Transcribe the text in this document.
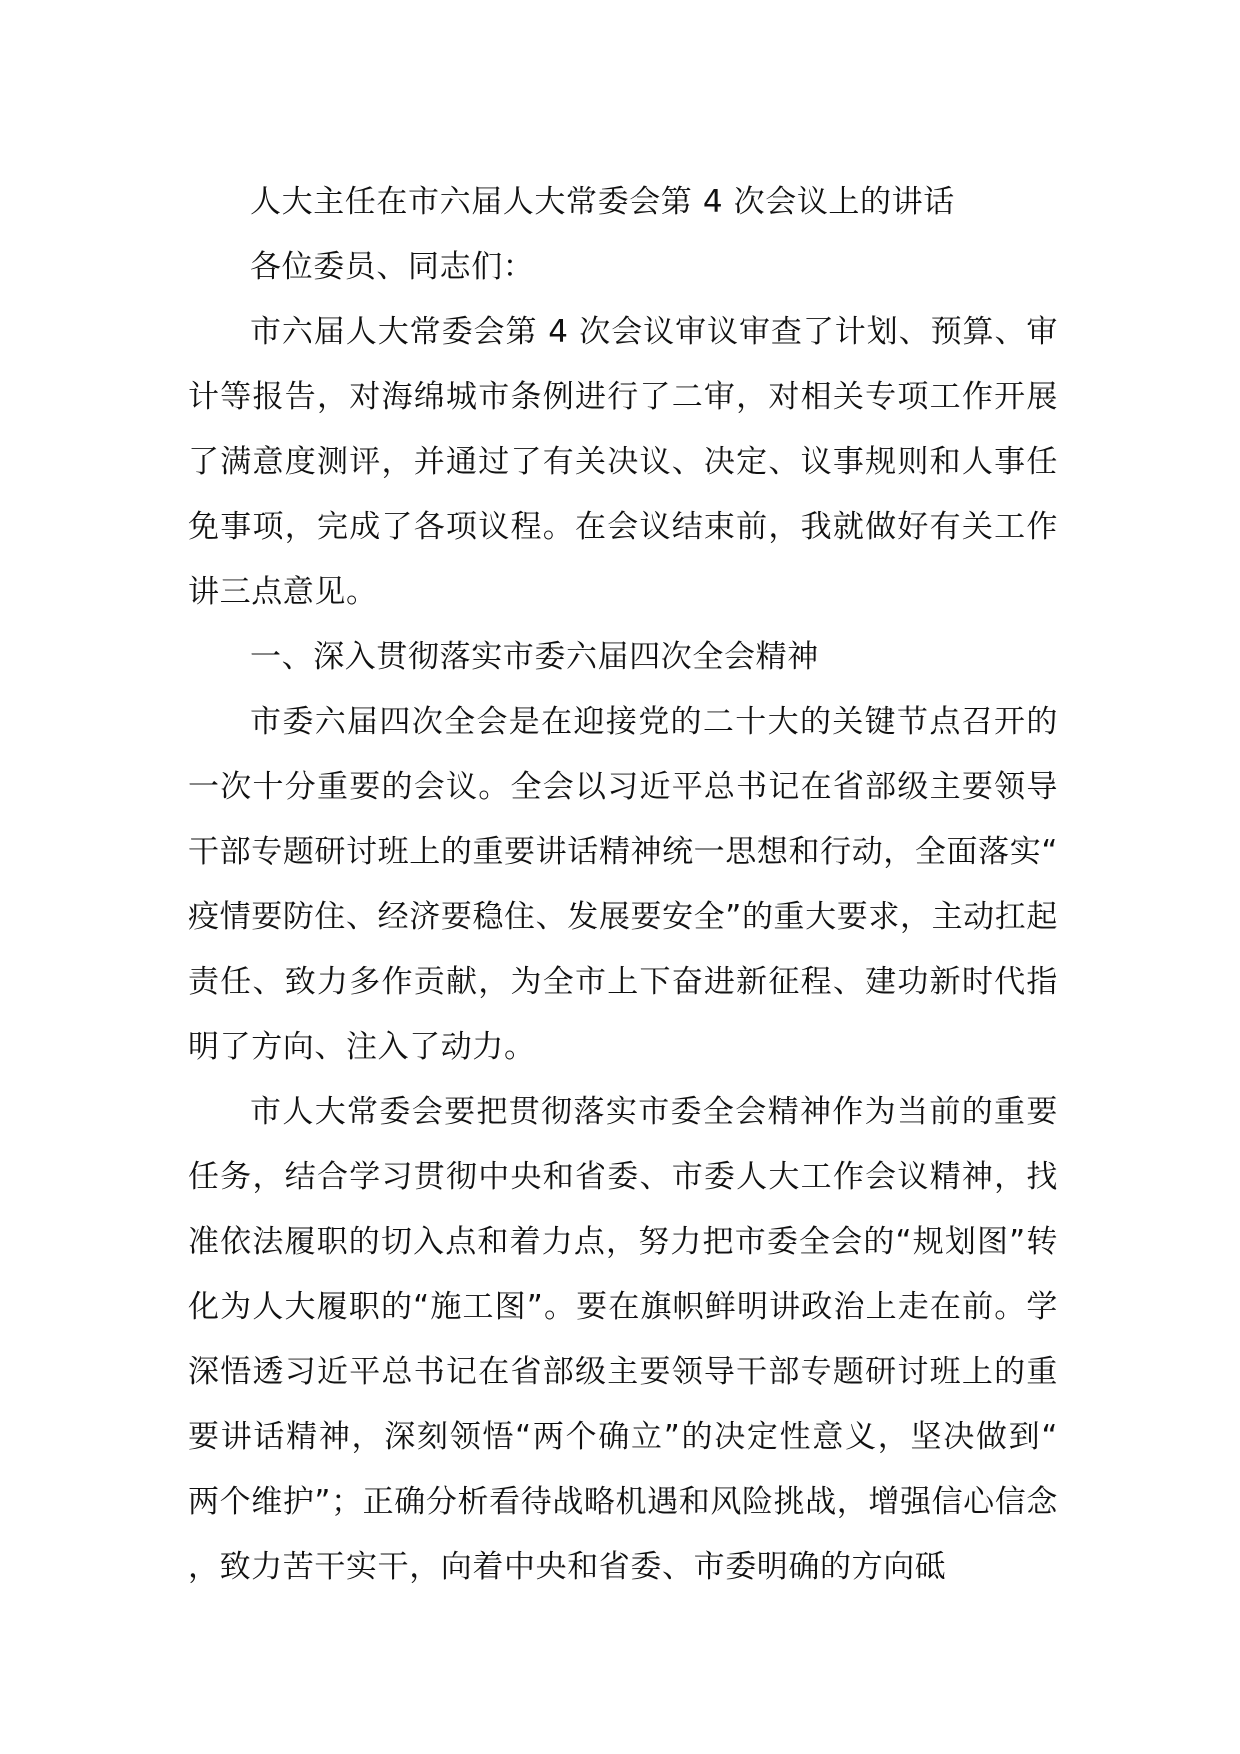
人大主任在市六届人大常委会第 4 次会议上的讲话

各位委员、同志们：

市六届人大常委会第 4 次会议审议审查了计划、预算、审计等报告，对海绵城市条例进行了二审，对相关专项工作开展了满意度测评，并通过了有关决议、决定、议事规则和人事任免事项，完成了各项议程。在会议结束前，我就做好有关工作讲三点意见。

一、深入贯彻落实市委六届四次全会精神

市委六届四次全会是在迎接党的二十大的关键节点召开的一次十分重要的会议。全会以习近平总书记在省部级主要领导干部专题研讨班上的重要讲话精神统一思想和行动，全面落实“疫情要防住、经济要稳住、发展要安全”的重大要求，主动扛起责任、致力多作贡献，为全市上下奋进新征程、建功新时代指明了方向、注入了动力。

市人大常委会要把贯彻落实市委全会精神作为当前的重要任务，结合学习贯彻中央和省委、市委人大工作会议精神，找准依法履职的切入点和着力点，努力把市委全会的“规划图”转化为人大履职的“施工图”。要在旗帜鲜明讲政治上走在前。学深悟透习近平总书记在省部级主要领导干部专题研讨班上的重要讲话精神，深刻领悟“两个确立”的决定性意义，坚决做到“两个维护”；正确分析看待战略机遇和风险挑战，增强信心信念，致力苦干实干，向着中央和省委、市委明确的方向砥
